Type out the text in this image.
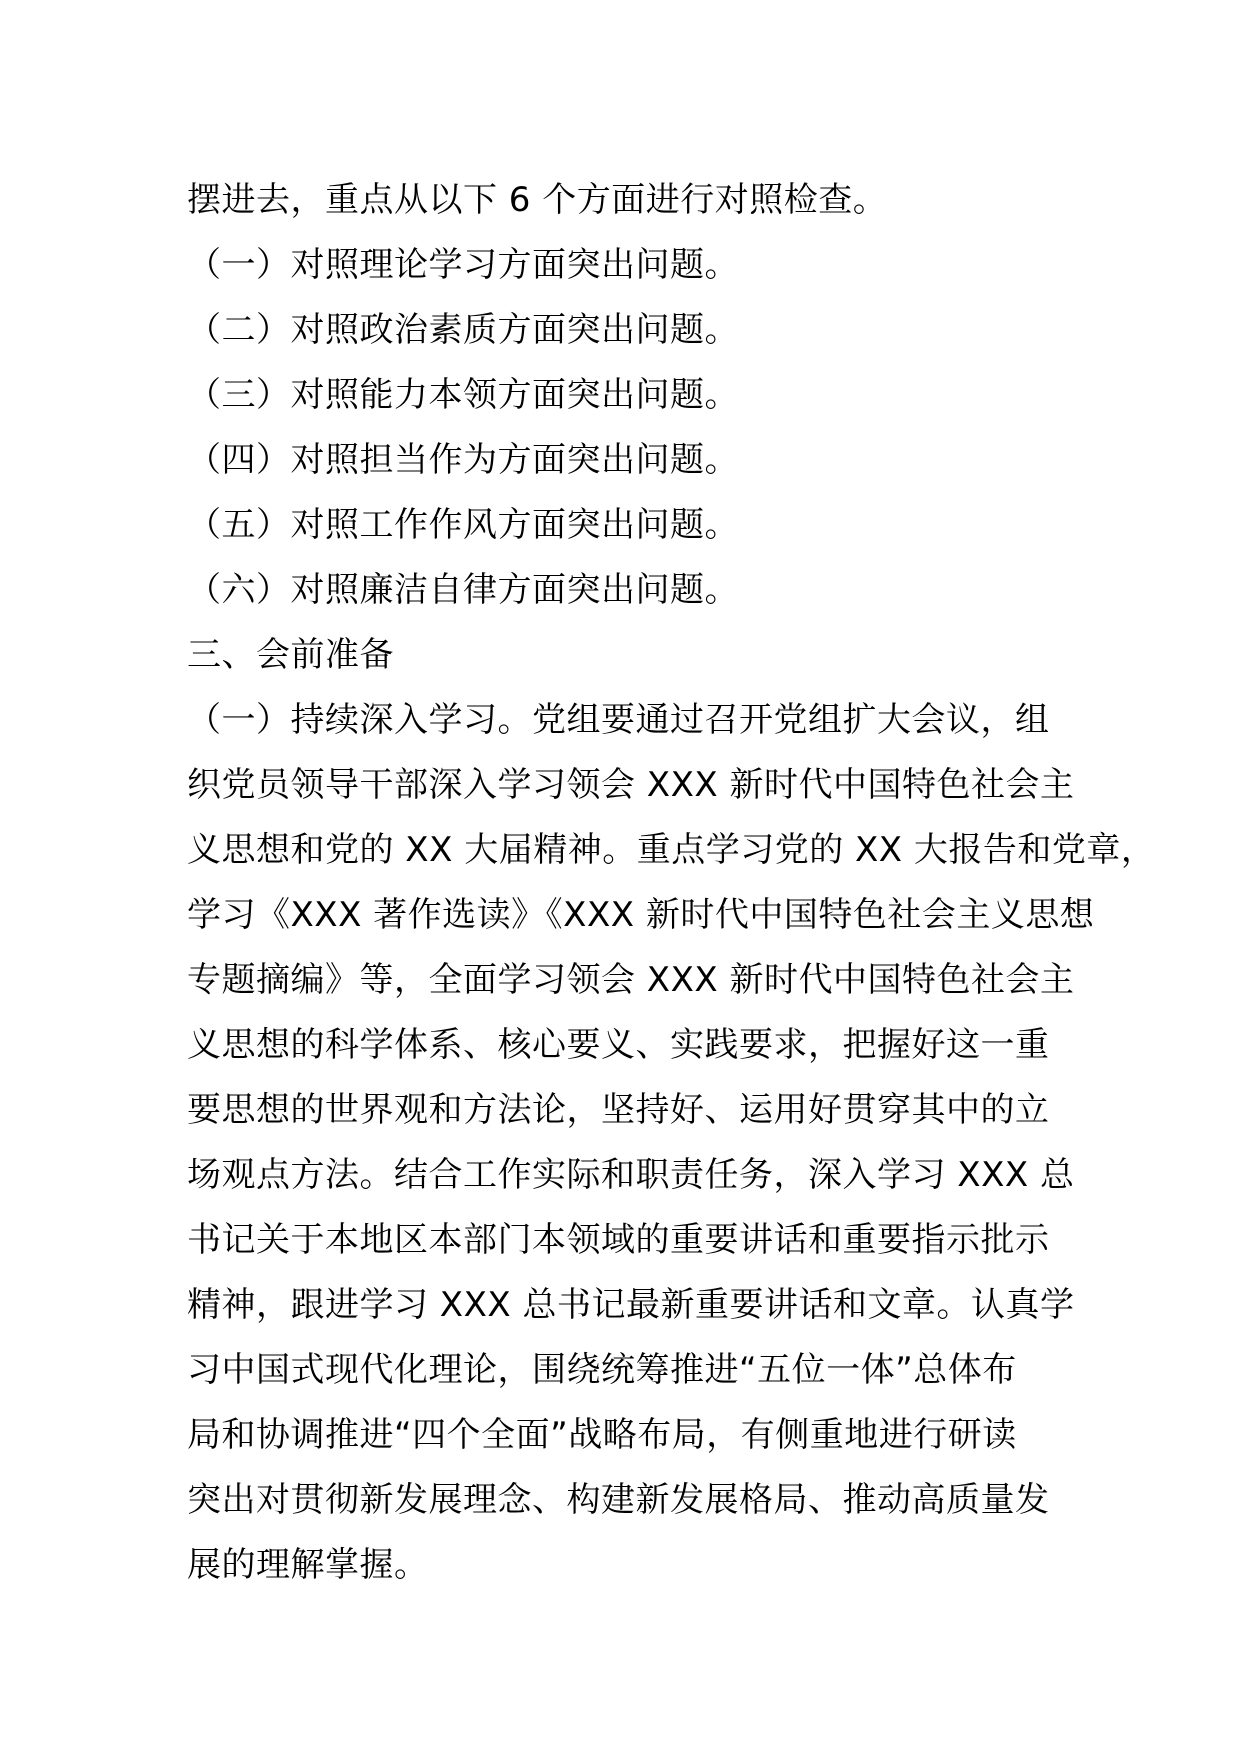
摆进去，重点从以下 6 个方面进行对照检查。
（一）对照理论学习方面突出问题。
（二）对照政治素质方面突出问题。
（三）对照能力本领方面突出问题。
（四）对照担当作为方面突出问题。
（五）对照工作作风方面突出问题。
（六）对照廉洁自律方面突出问题。
三、会前准备
（一）持续深入学习。党组要通过召开党组扩大会议，组
织党员领导干部深入学习领会 XXX 新时代中国特色社会主
义思想和党的 XX 大届精神。重点学习党的 XX 大报告和党章，
学习《XXX 著作选读》《XXX 新时代中国特色社会主义思想
专题摘编》等，全面学习领会 XXX 新时代中国特色社会主
义思想的科学体系、核心要义、实践要求，把握好这一重
要思想的世界观和方法论，坚持好、运用好贯穿其中的立
场观点方法。结合工作实际和职责任务，深入学习 XXX 总
书记关于本地区本部门本领域的重要讲话和重要指示批示
精神，跟进学习 XXX 总书记最新重要讲话和文章。认真学
习中国式现代化理论，围绕统筹推进“五位一体”总体布
局和协调推进“四个全面”战略布局，有侧重地进行研读
突出对贯彻新发展理念、构建新发展格局、推动高质量发
展的理解掌握。
